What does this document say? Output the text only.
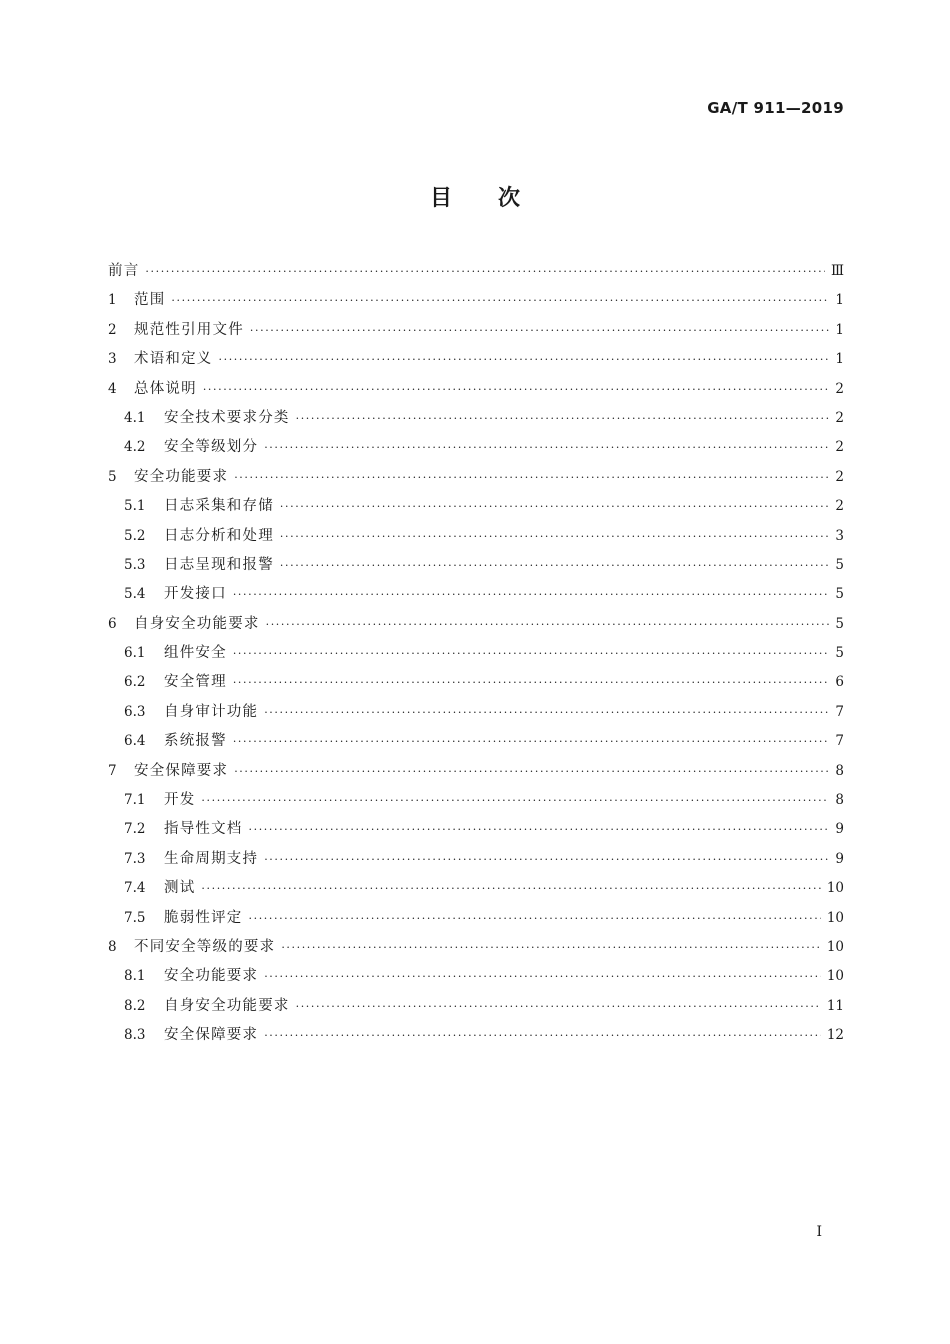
GA/T 911—2019
目 次
前言 ·····	Ⅲ
1	范围 ·····	1
2	规范性引用文件 ·····	1
3	术语和定义 ·····	1
4	总体说明 ·····	2
4.1	安全技术要求分类 ·····	2
4.2	安全等级划分 ·····	2
5	安全功能要求 ·····	2
5.1	日志采集和存储 ·····	2
5.2	日志分析和处理 ·····	3
5.3	日志呈现和报警 ·····	5
5.4	开发接口 ·····	5
6	自身安全功能要求 ·····	5
6.1	组件安全 ·····	5
6.2	安全管理 ·····	6
6.3	自身审计功能 ·····	7
6.4	系统报警 ·····	7
7	安全保障要求 ·····	8
7.1	开发 ·····	8
7.2	指导性文档 ·····	9
7.3	生命周期支持 ·····	9
7.4	测试 ·····	10
7.5	脆弱性评定 ·····	10
8	不同安全等级的要求 ·····	10
8.1	安全功能要求 ·····	10
8.2	自身安全功能要求 ·····	11
8.3	安全保障要求 ·····	12
I
